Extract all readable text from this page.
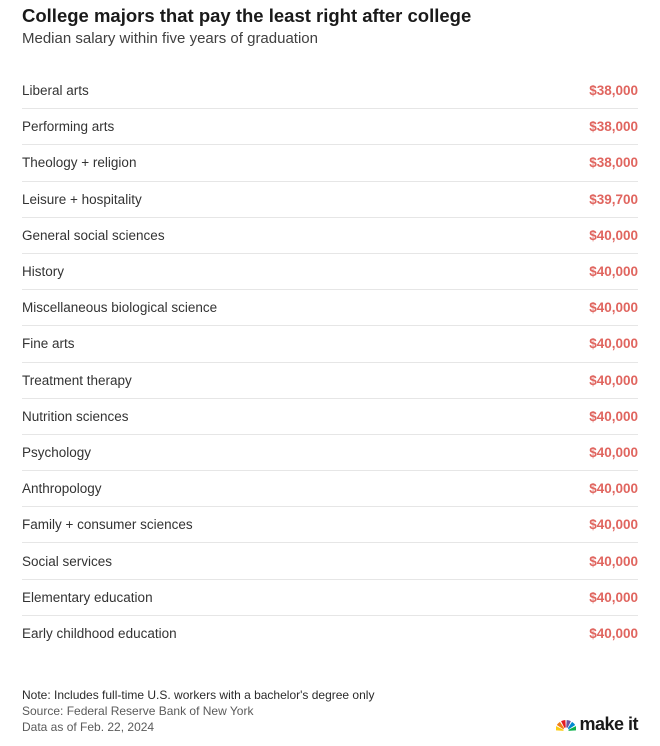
College majors that pay the least right after college
Median salary within five years of graduation
Liberal arts	$38,000
Performing arts	$38,000
Theology + religion	$38,000
Leisure + hospitality	$39,700
General social sciences	$40,000
History	$40,000
Miscellaneous biological science	$40,000
Fine arts	$40,000
Treatment therapy	$40,000
Nutrition sciences	$40,000
Psychology	$40,000
Anthropology	$40,000
Family + consumer sciences	$40,000
Social services	$40,000
Elementary education	$40,000
Early childhood education	$40,000
Note: Includes full-time U.S. workers with a bachelor's degree only
Source: Federal Reserve Bank of New York
Data as of Feb. 22, 2024	make it
